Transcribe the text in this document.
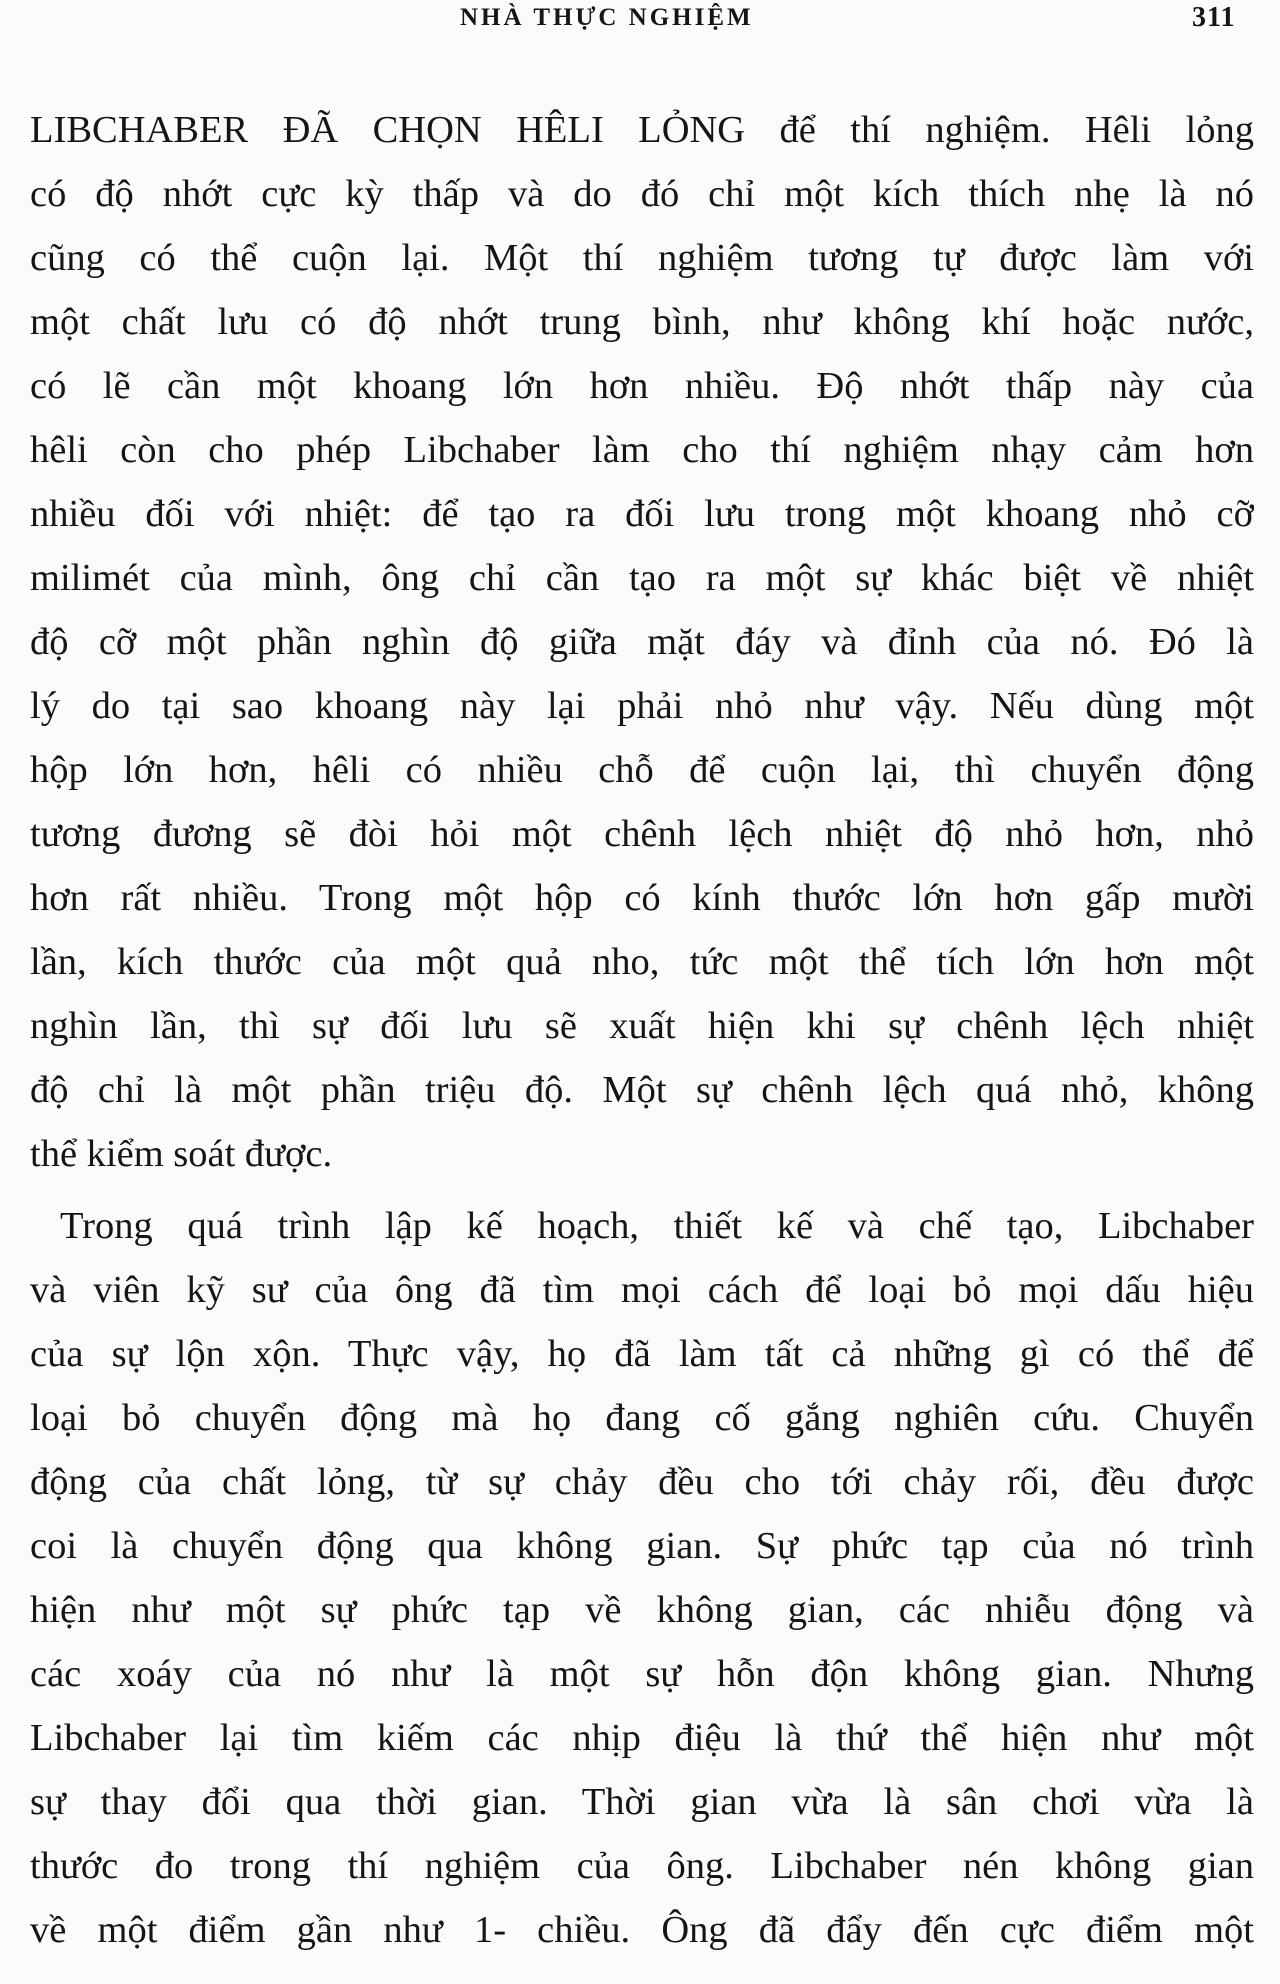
NHÀ THỰC NGHIỆM	311
LIBCHABER ĐÃ CHỌN HÊLI LỎNG để thí nghiệm. Hêli lỏng
có độ nhớt cực kỳ thấp và do đó chỉ một kích thích nhẹ là nó
cũng có thể cuộn lại. Một thí nghiệm tương tự được làm với
một chất lưu có độ nhớt trung bình, như không khí hoặc nước,
có lẽ cần một khoang lớn hơn nhiều. Độ nhớt thấp này của
hêli còn cho phép Libchaber làm cho thí nghiệm nhạy cảm hơn
nhiều đối với nhiệt: để tạo ra đối lưu trong một khoang nhỏ cỡ
milimét của mình, ông chỉ cần tạo ra một sự khác biệt về nhiệt
độ cỡ một phần nghìn độ giữa mặt đáy và đỉnh của nó. Đó là
lý do tại sao khoang này lại phải nhỏ như vậy. Nếu dùng một
hộp lớn hơn, hêli có nhiều chỗ để cuộn lại, thì chuyển động
tương đương sẽ đòi hỏi một chênh lệch nhiệt độ nhỏ hơn, nhỏ
hơn rất nhiều. Trong một hộp có kính thước lớn hơn gấp mười
lần, kích thước của một quả nho, tức một thể tích lớn hơn một
nghìn lần, thì sự đối lưu sẽ xuất hiện khi sự chênh lệch nhiệt
độ chỉ là một phần triệu độ. Một sự chênh lệch quá nhỏ, không
thể kiểm soát được.
Trong quá trình lập kế hoạch, thiết kế và chế tạo, Libchaber
và viên kỹ sư của ông đã tìm mọi cách để loại bỏ mọi dấu hiệu
của sự lộn xộn. Thực vậy, họ đã làm tất cả những gì có thể để
loại bỏ chuyển động mà họ đang cố gắng nghiên cứu. Chuyển
động của chất lỏng, từ sự chảy đều cho tới chảy rối, đều được
coi là chuyển động qua không gian. Sự phức tạp của nó trình
hiện như một sự phức tạp về không gian, các nhiễu động và
các xoáy của nó như là một sự hỗn độn không gian. Nhưng
Libchaber lại tìm kiếm các nhịp điệu là thứ thể hiện như một
sự thay đổi qua thời gian. Thời gian vừa là sân chơi vừa là
thước đo trong thí nghiệm của ông. Libchaber nén không gian
về một điểm gần như 1- chiều. Ông đã đẩy đến cực điểm một
